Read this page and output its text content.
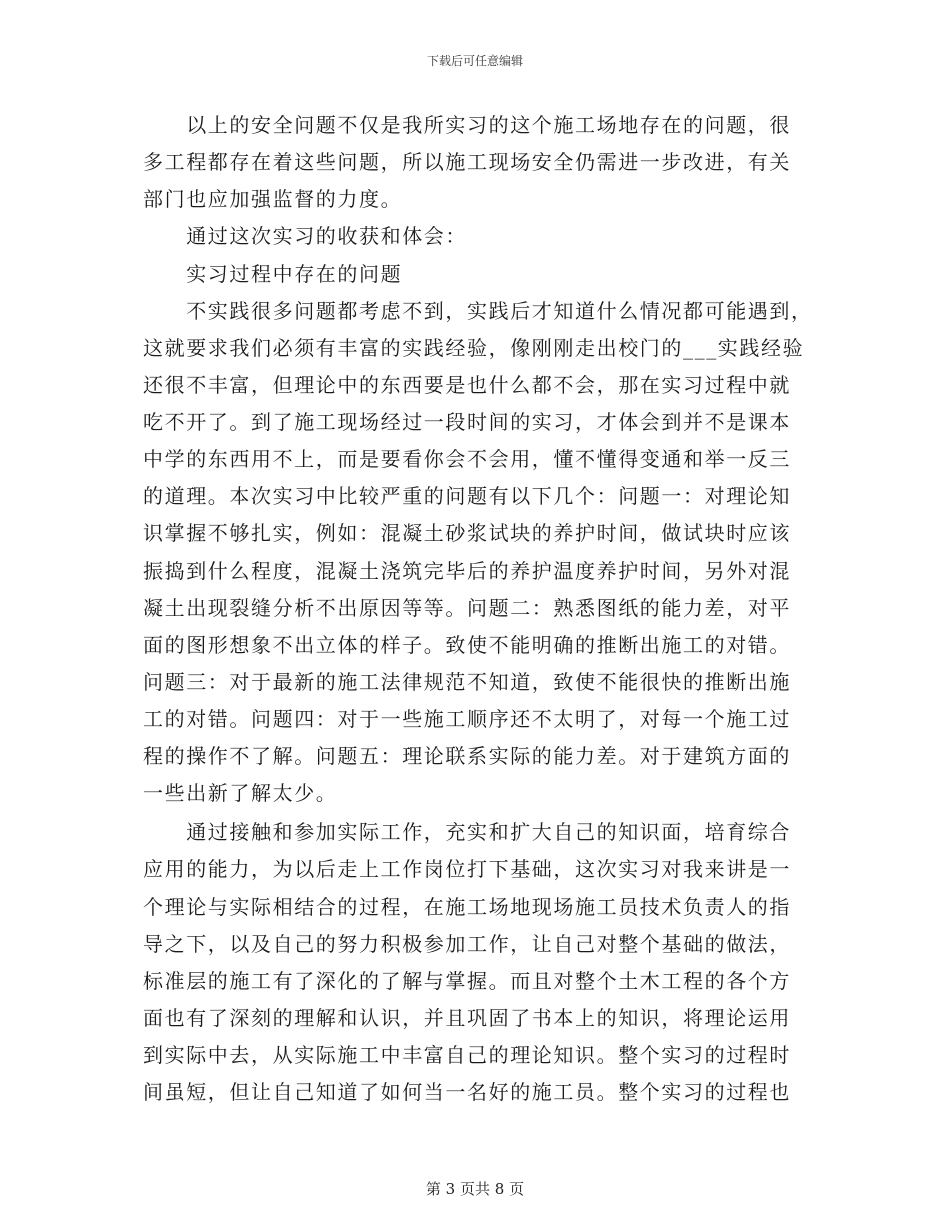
下载后可任意编辑
　　以上的安全问题不仅是我所实习的这个施工场地存在的问题，很
多工程都存在着这些问题，所以施工现场安全仍需进一步改进，有关
部门也应加强监督的力度。
　　通过这次实习的收获和体会：
　　实习过程中存在的问题
　　不实践很多问题都考虑不到，实践后才知道什么情况都可能遇到，
这就要求我们必须有丰富的实践经验，像刚刚走出校门的___实践经验
还很不丰富，但理论中的东西要是也什么都不会，那在实习过程中就
吃不开了。到了施工现场经过一段时间的实习，才体会到并不是课本
中学的东西用不上，而是要看你会不会用，懂不懂得变通和举一反三
的道理。本次实习中比较严重的问题有以下几个：问题一：对理论知
识掌握不够扎实，例如：混凝土砂浆试块的养护时间，做试块时应该
振捣到什么程度，混凝土浇筑完毕后的养护温度养护时间，另外对混
凝土出现裂缝分析不出原因等等。问题二：熟悉图纸的能力差，对平
面的图形想象不出立体的样子。致使不能明确的推断出施工的对错。
问题三：对于最新的施工法律规范不知道，致使不能很快的推断出施
工的对错。问题四：对于一些施工顺序还不太明了，对每一个施工过
程的操作不了解。问题五：理论联系实际的能力差。对于建筑方面的
一些出新了解太少。
　　通过接触和参加实际工作，充实和扩大自己的知识面，培育综合
应用的能力，为以后走上工作岗位打下基础，这次实习对我来讲是一
个理论与实际相结合的过程，在施工场地现场施工员技术负责人的指
导之下，以及自己的努力积极参加工作，让自己对整个基础的做法，
标准层的施工有了深化的了解与掌握。而且对整个土木工程的各个方
面也有了深刻的理解和认识，并且巩固了书本上的知识，将理论运用
到实际中去，从实际施工中丰富自己的理论知识。整个实习的过程时
间虽短，但让自己知道了如何当一名好的施工员。整个实习的过程也
第 3 页共 8 页
